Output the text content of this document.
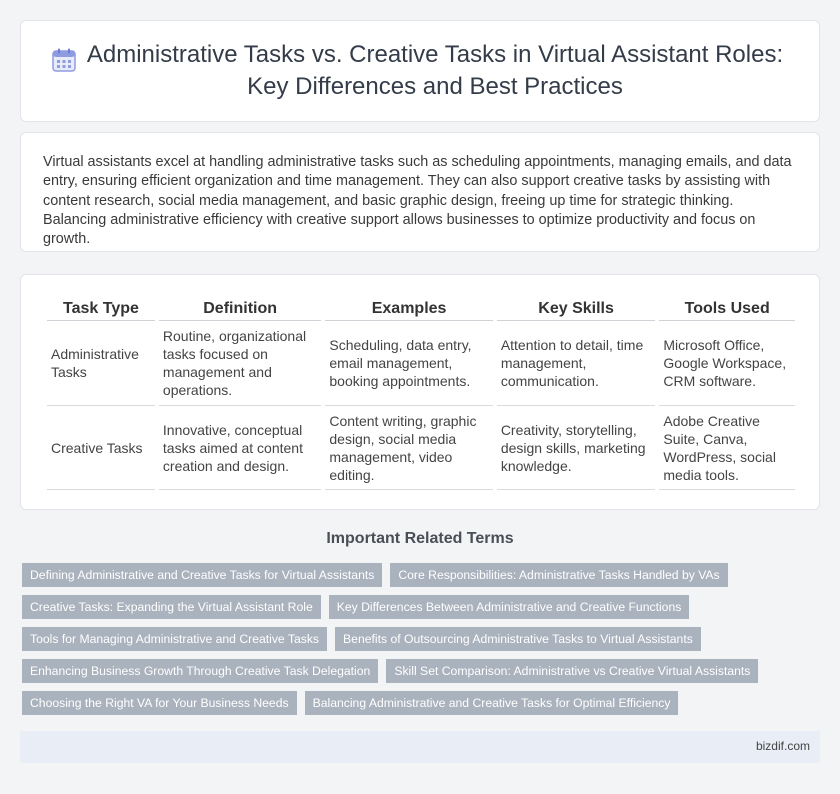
Administrative Tasks vs. Creative Tasks in Virtual Assistant Roles: Key Differences and Best Practices

Virtual assistants excel at handling administrative tasks such as scheduling appointments, managing emails, and data entry, ensuring efficient organization and time management. They can also support creative tasks by assisting with content research, social media management, and basic graphic design, freeing up time for strategic thinking. Balancing administrative efficiency with creative support allows businesses to optimize productivity and focus on growth.

Task Type	Definition	Examples	Key Skills	Tools Used
Administrative Tasks	Routine, organizational tasks focused on management and operations.	Scheduling, data entry, email management, booking appointments.	Attention to detail, time management, communication.	Microsoft Office, Google Workspace, CRM software.
Creative Tasks	Innovative, conceptual tasks aimed at content creation and design.	Content writing, graphic design, social media management, video editing.	Creativity, storytelling, design skills, marketing knowledge.	Adobe Creative Suite, Canva, WordPress, social media tools.
Important Related Terms
Defining Administrative and Creative Tasks for Virtual Assistants	Core Responsibilities: Administrative Tasks Handled by VAs
Creative Tasks: Expanding the Virtual Assistant Role	Key Differences Between Administrative and Creative Functions
Tools for Managing Administrative and Creative Tasks	Benefits of Outsourcing Administrative Tasks to Virtual Assistants
Enhancing Business Growth Through Creative Task Delegation	Skill Set Comparison: Administrative vs Creative Virtual Assistants
Choosing the Right VA for Your Business Needs	Balancing Administrative and Creative Tasks for Optimal Efficiency
bizdif.com
